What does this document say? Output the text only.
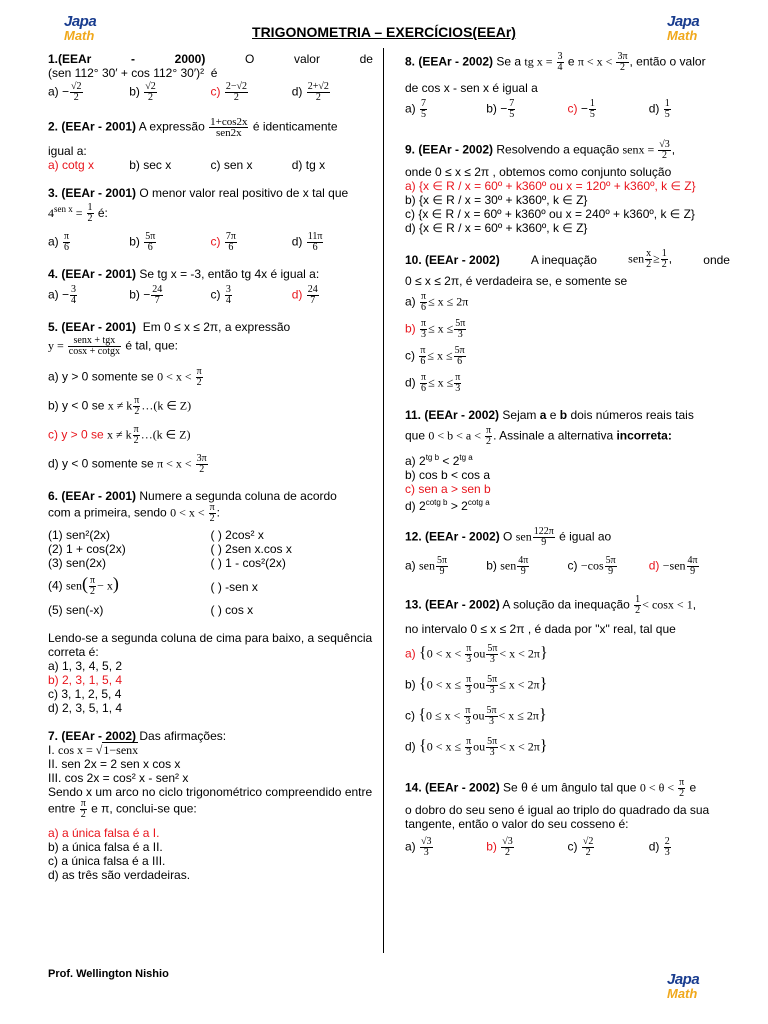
Japa
Math	TRIGONOMETRIA – EXERCÍCIOS(EEAr)
Japa
Math

1.(EEAr	-	2000)	O	valor	de

(sen 112° 30′ + cos 112° 30′)²  é

$a) - \frac{√2}{2}$	$b) \frac{√2}{2}$	$c) \frac{2-√2}{2}$	$d) \frac{2+√2}{2}$

2. (EEAr - 2001) A expressão 1+cos2x
sen2x é identicamente

igual a:

a) cotg x	b) sec x	c) sen x	d) tg x

3. (EEAr - 2001) O menor valor real positivo de x tal que

$4^{sen x} = \frac{1}{2}$ é:

$a) \frac{\pi}{6}$	$b) \frac{5\pi}{6}$	$c) \frac{7\pi}{6}$	$d) \frac{11\pi}{6}$

4. (EEAr - 2001) Se tg x = -3, então tg 4x é igual a:

$a) - \frac{3}{4}$	$b) - \frac{24}{7}$	$c) \frac{3}{4}$	$d) \frac{24}{7}$

5. (EEAr - 2001)  Em 0 ≤ x ≤ 2π, a expressão

y = senx + tgx
cosx + cotgx é tal, que:

a) y > 0 somente se $0 < x < \frac{\pi}{2}$

b) y < 0 se x ≠ k $\frac{\pi}{2}$ …(k ∈ Z)

c) y > 0 se x ≠ k $\frac{\pi}{2}$ …(k ∈ Z)

d) y < 0 somente se $\pi < x < \frac{3\pi}{2}$

6. (EEAr - 2001) Numere a segunda coluna de acordo

com a primeira, sendo $0 < x < \frac{\pi}{2}$ :

(1) sen²(2x)	( ) 2cos² x
(2) 1 + cos(2x)	( ) 2sen x.cos x
(3) sen(2x)	( ) 1 - cos²(2x)
(4) $sen( \frac{\pi}{2} - x)$	( ) -sen x
(5) sen(-x)	( ) cos x

Lendo-se a segunda coluna de cima para baixo, a sequência correta é:

a) 1, 3, 4, 5, 2

b) 2, 3, 1, 5, 4

c) 3, 1, 2, 5, 4

d) 2, 3, 5, 1, 4

7. (EEAr - 2002) Das afirmações:

I. cos x = √1−senx

II. sen 2x = 2 sen x cos x

III. cos 2x = cos² x - sen² x

Sendo x um arco no ciclo trigonométrico compreendido entre

entre $\frac{\pi}{2}$ e π, conclui-se que:

a) a única falsa é a I.

b) a única falsa é a II.

c) a única falsa é a III.

d) as três são verdadeiras.

8. (EEAr - 2002) Se a tg $x = \frac{3}{4}$ e $\pi < x < \frac{3\pi}{2}$ , então o valor

de cos x - sen x é igual a

$a) \frac{7}{5}$	$b) - \frac{7}{5}$	$c) - \frac{1}{5}$	$d) \frac{1}{5}$

9. (EEAr - 2002) Resolvendo a equação senx = $\frac{√3}{2}$ ,

onde 0 ≤ x ≤ 2π , obtemos como conjunto solução

a) {x ∈ R / x = 60º + k360º ou x = 120º + k360º, k ∈ Z}

b) {x ∈ R / x = 30º + k360º, k ∈ Z}

c) {x ∈ R / x = 60º + k360º ou x = 240º + k360º, k ∈ Z}

d) {x ∈ R / x = 60º + k360º, k ∈ Z}

10. (EEAr - 2002)	A inequação	sen $\frac{x}{2} \ge \frac{1}{2}$ ,	onde

0 ≤ x ≤ 2π, é verdadeira se, e somente se

$a) \frac{\pi}{6} \le x \le 2\pi$

$b) \frac{\pi}{3} \le x \le \frac{5\pi}{3}$

$c) \frac{\pi}{6} \le x \le \frac{5\pi}{6}$

$d) \frac{\pi}{6} \le x \le \frac{\pi}{3}$

11. (EEAr - 2002) Sejam a e b dois números reais tais

que $0 < b < a < \frac{\pi}{2}$ . Assinale a alternativa incorreta:

a) $2^{tg b} < 2^{tg a}$

b) cos b < cos a

c) sen a > sen b

d) $2^{cotg b} > 2^{cotg a}$

12. (EEAr - 2002) O sen $\frac{122\pi}{9}$ é igual ao

a) sen $\frac{5\pi}{9}$	b) sen $\frac{4\pi}{9}$	$c) -\cos \frac{5\pi}{9}$	$d) -sen \frac{4\pi}{9}$

13. (EEAr - 2002) A solução da inequação $\frac{1}{2} < \cos x < 1$,

no intervalo 0 ≤ x ≤ 2π , é dada por "x" real, tal que

a) {$0 < x < \frac{\pi}{3}$ ou $\frac{5\pi}{3} < x < 2\pi$}

b) {$0 < x \le \frac{\pi}{3}$ ou $\frac{5\pi}{3} \le x < 2\pi$}

c) {$0 \le x < \frac{\pi}{3}$ ou $\frac{5\pi}{3} < x \le 2\pi$}

d) {$0 < x \le \frac{\pi}{3}$ ou $\frac{5\pi}{3} < x < 2\pi$}

14. (EEAr - 2002) Se θ é um ângulo tal que $0 < \theta < \frac{\pi}{2}$ e

o dobro do seu seno é igual ao triplo do quadrado da sua tangente, então o valor do seu cosseno é:

$a) \frac{√3}{3}$	$b) \frac{√3}{2}$	$c) \frac{√2}{2}$	$d) \frac{2}{3}$
Prof. Wellington Nishio	Japa
Math
